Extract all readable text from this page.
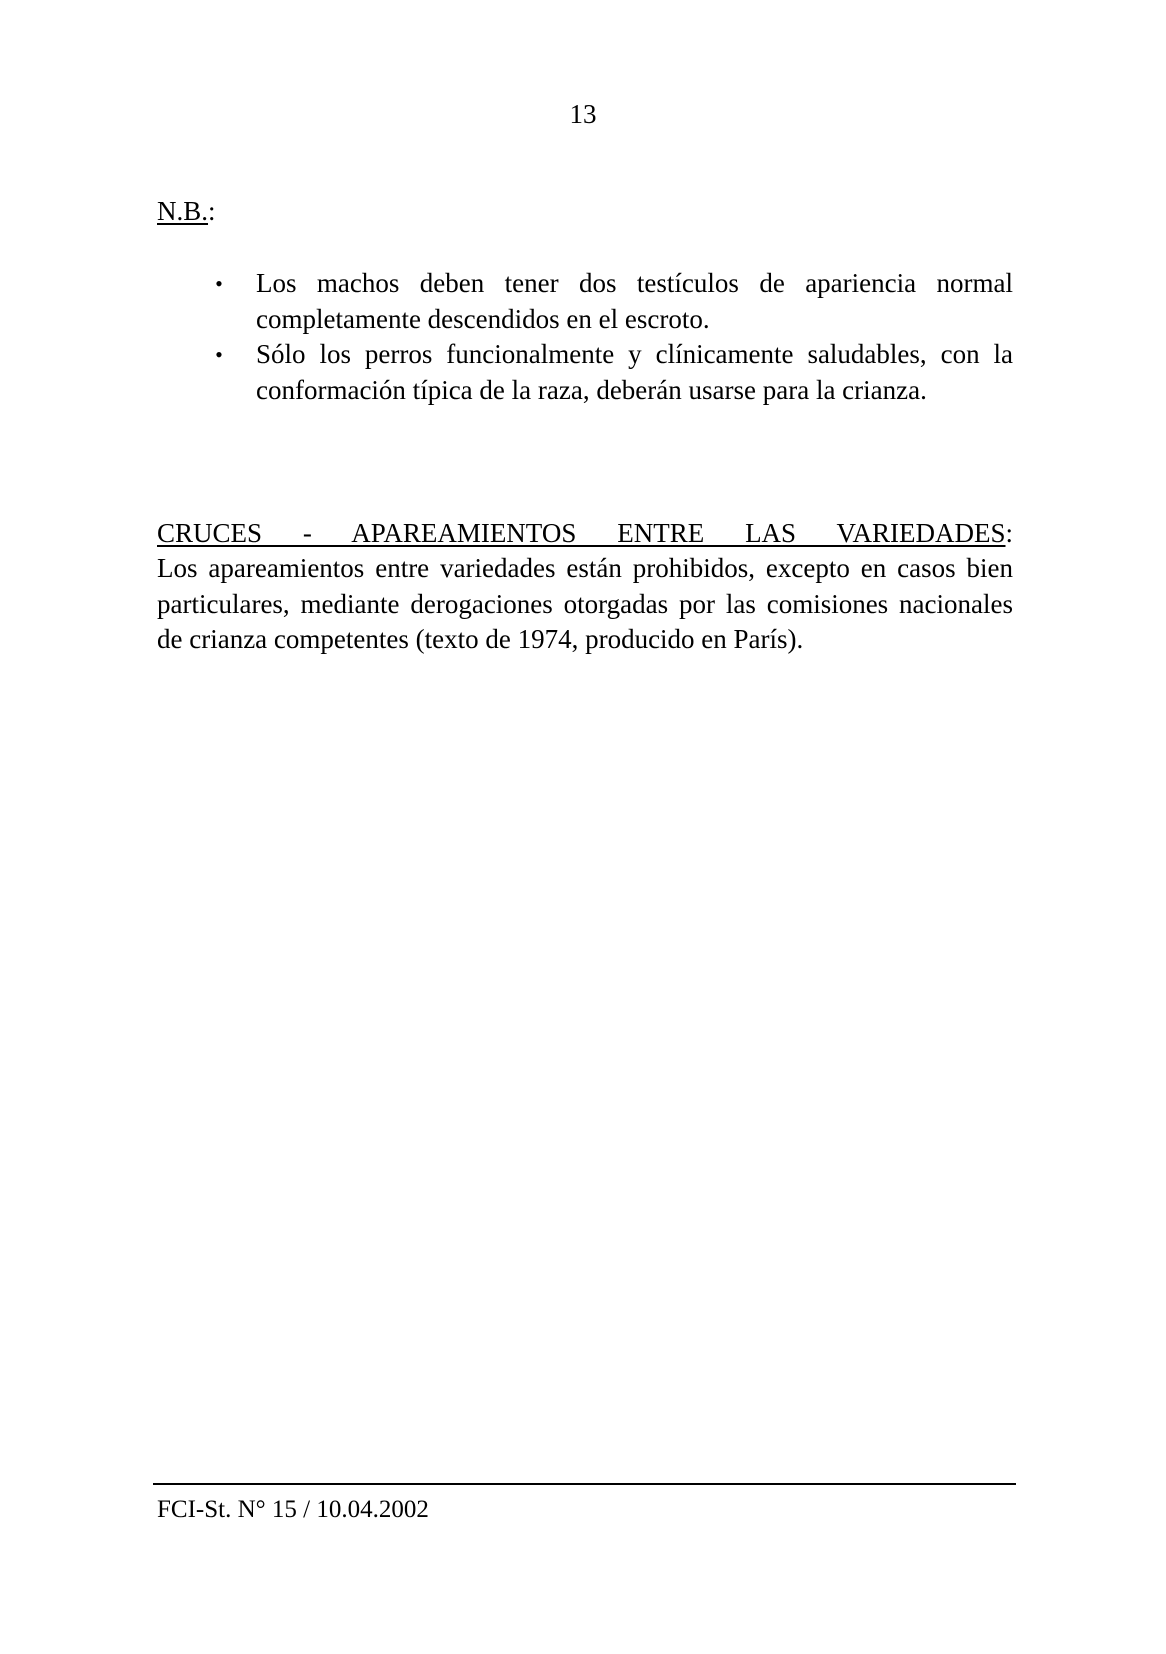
13
N.B.:
• Los machos deben tener dos testículos de apariencia normal completamente descendidos en el escroto.
• Sólo los perros funcionalmente y clínicamente saludables, con la conformación típica de la raza, deberán usarse para la crianza.

CRUCES - APAREAMIENTOS ENTRE LAS VARIEDADES:

Los apareamientos entre variedades están prohibidos, excepto en casos bien particulares, mediante derogaciones otorgadas por las comisiones nacionales de crianza competentes (texto de 1974, producido en París).

FCI-St. N° 15 / 10.04.2002
